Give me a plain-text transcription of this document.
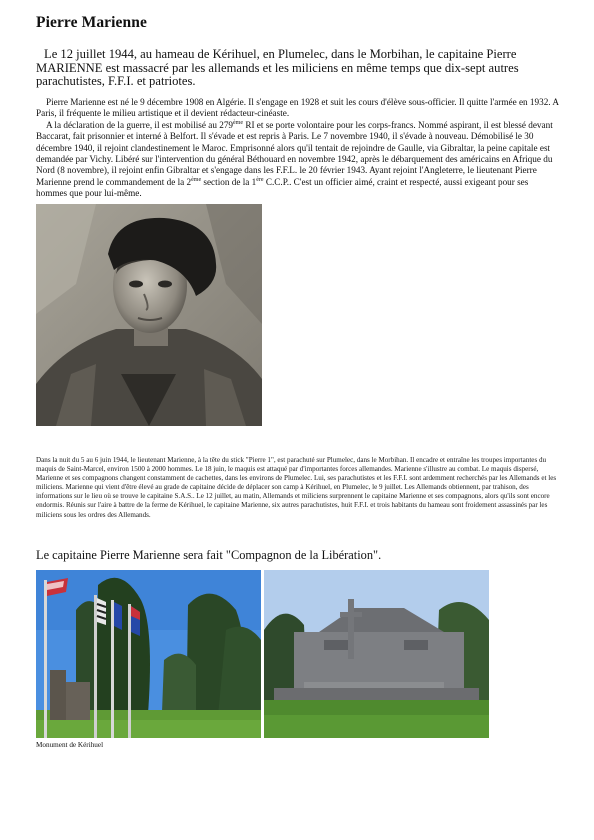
Pierre Marienne

Le 12 juillet 1944, au hameau de Kérihuel, en Plumelec, dans le Morbihan, le capitaine Pierre MARIENNE est massacré par les allemands et les miliciens en même temps que dix-sept autres parachutistes, F.F.I. et patriotes.

Pierre Marienne est né le 9 décembre 1908 en Algérie. Il s'engage en 1928 et suit les cours d'élève sous-officier. Il quitte l'armée en 1932. A Paris, il fréquente le milieu artistique et il devient rédacteur-cinéaste.

A la déclaration de la guerre, il est mobilisé au 279ème RI et se porte volontaire pour les corps-francs. Nommé aspirant, il est blessé devant Baccarat, fait prisonnier et interné à Belfort. Il s'évade et est repris à Paris. Le 7 novembre 1940, il s'évade à nouveau. Démobilisé le 30 décembre 1940, il rejoint clandestinement le Maroc. Emprisonné alors qu'il tentait de rejoindre de Gaulle, via Gibraltar, la peine capitale est demandée par Vichy. Libéré sur l'intervention du général Béthouard en novembre 1942, après le débarquement des américains en Afrique du Nord (8 novembre), il rejoint enfin Gibraltar et s'engage dans les F.F.L. le 20 février 1943. Ayant rejoint l'Angleterre, le lieutenant Pierre Marienne prend le commandement de la 2ème section de la 1ère C.C.P.. C'est un officier aimé, craint et respecté, aussi exigeant pour ses hommes que pour lui-même.

Dans la nuit du 5 au 6 juin 1944, le lieutenant Marienne, à la tête du stick "Pierre 1", est parachuté sur Plumelec, dans le Morbihan. Il encadre et entraîne les troupes importantes du maquis de Saint-Marcel, environ 1500 à 2000 hommes. Le 18 juin, le maquis est attaqué par d'importantes forces allemandes. Marienne s'illustre au combat. Le maquis dispersé, Marienne et ses compagnons changent constamment de cachettes, dans les environs de Plumelec. Lui, ses parachutistes et les F.F.I. sont ardemment recherchés par les Allemands et les miliciens. Marienne qui vient d'être élevé au grade de capitaine décide de déplacer son camp à Kérihuel, en Plumelec, le 9 juillet. Les Allemands obtiennent, par trahison, des informations sur le lieu où se trouve le capitaine S.A.S.. Le 12 juillet, au matin, Allemands et miliciens surprennent le capitaine Marienne et ses compagnons, alors qu'ils sont encore endormis. Réunis sur l'aire à battre de la ferme de Kérihuel, le capitaine Marienne, six autres parachutistes, huit F.F.I. et trois habitants du hameau sont froidement assassinés par les miliciens sous les ordres des Allemands.

Le capitaine Pierre Marienne sera fait "Compagnon de la Libération".

Monument de Kérihuel
